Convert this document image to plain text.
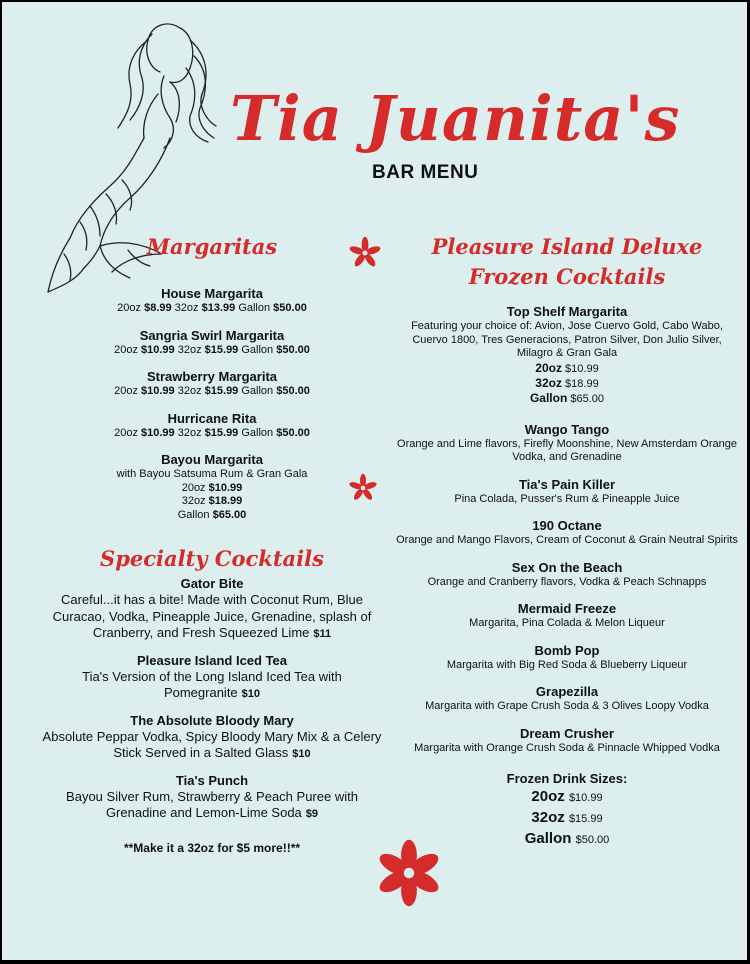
Tia Juanita's
BAR MENU
Margaritas
House Margarita
20oz $8.99 32oz $13.99 Gallon $50.00
Sangria Swirl Margarita
20oz $10.99 32oz $15.99 Gallon $50.00
Strawberry Margarita
20oz $10.99 32oz $15.99 Gallon $50.00
Hurricane Rita
20oz $10.99 32oz $15.99 Gallon $50.00
Bayou Margarita
with Bayou Satsuma Rum & Gran Gala
20oz $10.99
32oz $18.99
Gallon $65.00
Specialty Cocktails
Gator Bite
Careful...it has a bite! Made with Coconut Rum, Blue Curacao, Vodka, Pineapple Juice, Grenadine, splash of Cranberry, and Fresh Squeezed Lime $11
Pleasure Island Iced Tea
Tia's Version of the Long Island Iced Tea with Pomegranite $10
The Absolute Bloody Mary
Absolute Peppar Vodka, Spicy Bloody Mary Mix & a Celery Stick Served in a Salted Glass $10
Tia's Punch
Bayou Silver Rum, Strawberry & Peach Puree with Grenadine and Lemon-Lime Soda $9
**Make it a 32oz for $5 more!!**
Pleasure Island Deluxe
Frozen Cocktails
Top Shelf Margarita
Featuring your choice of: Avion, Jose Cuervo Gold, Cabo Wabo, Cuervo 1800, Tres Generacions, Patron Silver, Don Julio Silver, Milagro & Gran Gala
20oz $10.99
32oz $18.99
Gallon $65.00
Wango Tango
Orange and Lime flavors, Firefly Moonshine, New Amsterdam Orange Vodka, and Grenadine
Tia's Pain Killer
Pina Colada, Pusser's Rum & Pineapple Juice
190 Octane
Orange and Mango Flavors, Cream of Coconut & Grain Neutral Spirits
Sex On the Beach
Orange and Cranberry flavors, Vodka & Peach Schnapps
Mermaid Freeze
Margarita, Pina Colada & Melon Liqueur
Bomb Pop
Margarita with Big Red Soda & Blueberry Liqueur
Grapezilla
Margarita with Grape Crush Soda & 3 Olives Loopy Vodka
Dream Crusher
Margarita with Orange Crush Soda & Pinnacle Whipped Vodka
Frozen Drink Sizes:
20oz $10.99
32oz $15.99
Gallon $50.00
